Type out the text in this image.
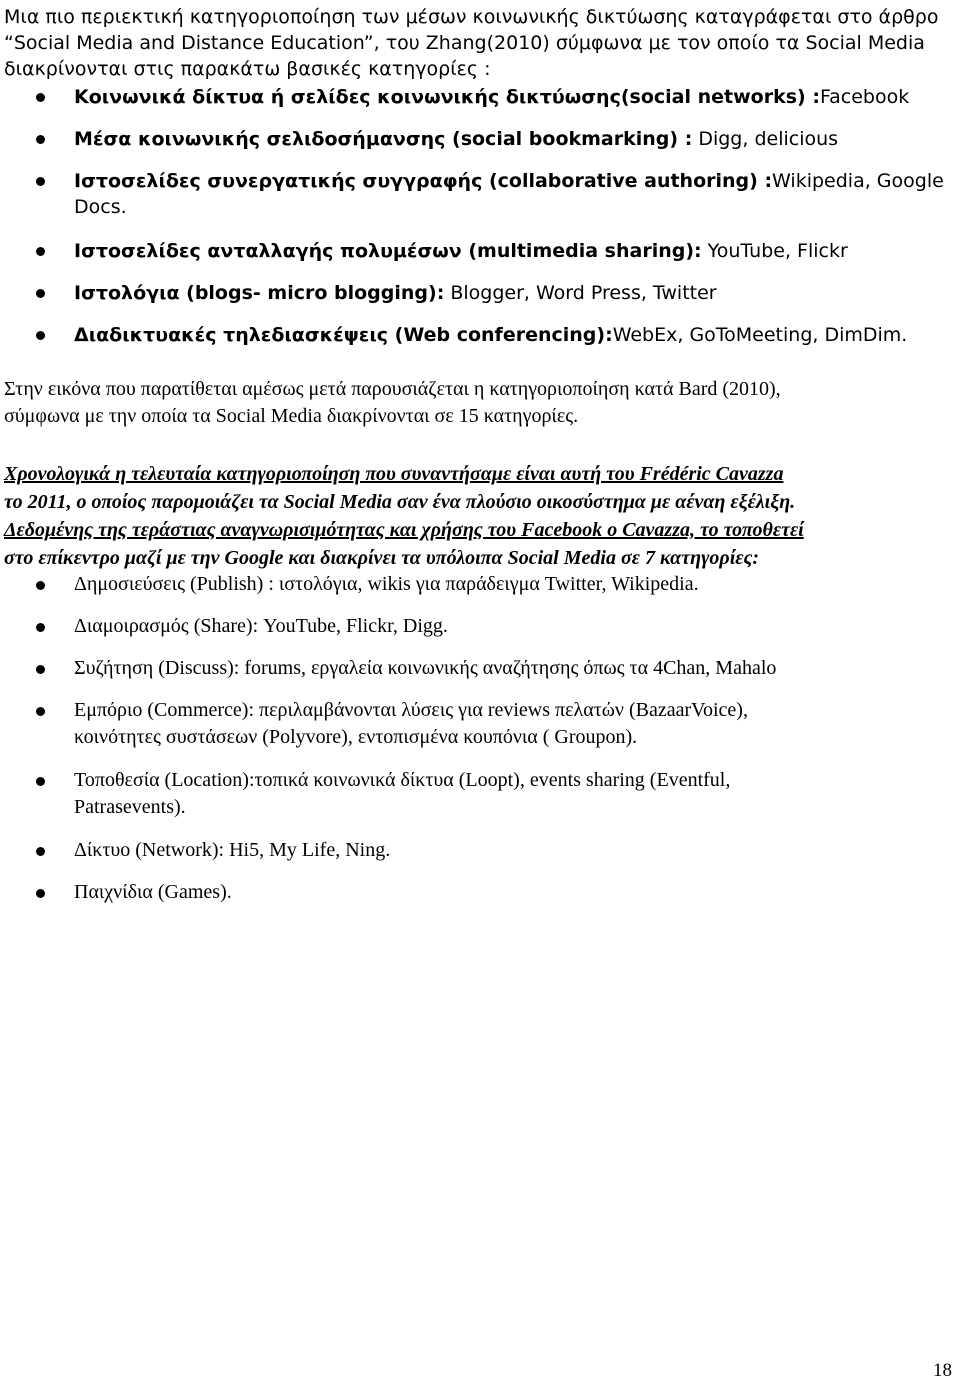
Μια πιο περιεκτική κατηγοριοποίηση των μέσων κοινωνικής δικτύωσης καταγράφεται στο άρθρο
“Social Media and Distance Education”, του Zhang(2010) σύμφωνα με τον οποίο τα Social Media
διακρίνονται στις παρακάτω βασικές κατηγορίες :
Κοινωνικά δίκτυα ή σελίδες κοινωνικής δικτύωσης(social networks) :Facebook
Μέσα κοινωνικής σελιδοσήμανσης (social bookmarking) : Digg, delicious
Ιστοσελίδες συνεργατικής συγγραφής (collaborative authoring) :Wikipedia, Google
Docs.
Ιστοσελίδες ανταλλαγής πολυμέσων (multimedia sharing): YouTube, Flickr
Ιστολόγια (blogs- micro blogging): Blogger, Word Press, Twitter
Διαδικτυακές τηλεδιασκέψεις (Web conferencing):WebEx, GoToMeeting, DimDim.
Στην εικόνα που παρατίθεται αμέσως μετά παρουσιάζεται η κατηγοριοποίηση κατά Bard (2010),
σύμφωνα με την οποία τα Social Media διακρίνονται σε 15 κατηγορίες.
Χρονολογικά η τελευταία κατηγοριοποίηση που συναντήσαμε είναι αυτή του Frédéric Cavazza
το 2011, ο οποίος παρομοιάζει τα Social Media σαν ένα πλούσιο οικοσύστημα με αέναη εξέλιξη.
Δεδομένης της τεράστιας αναγνωρισιμότητας και χρήσης του Facebook ο Cavazza, το τοποθετεί
στο επίκεντρο μαζί με την Google και διακρίνει τα υπόλοιπα Social Media σε 7 κατηγορίες:
Δημοσιεύσεις (Publish) : ιστολόγια, wikis για παράδειγμα Twitter, Wikipedia.
Διαμοιρασμός (Share): YouTube, Flickr, Digg.
Συζήτηση (Discuss): forums, εργαλεία κοινωνικής αναζήτησης όπως τα 4Chan, Mahalo
Εμπόριο (Commerce): περιλαμβάνονται λύσεις για reviews πελατών (BazaarVoice),
κοινότητες συστάσεων (Polyvore), εντοπισμένα κουπόνια ( Groupon).
Τοποθεσία (Location):τοπικά κοινωνικά δίκτυα (Loopt), events sharing (Eventful,
Patrasevents).
Δίκτυο (Network): Hi5, My Life, Ning.
Παιχνίδια (Games).
18
